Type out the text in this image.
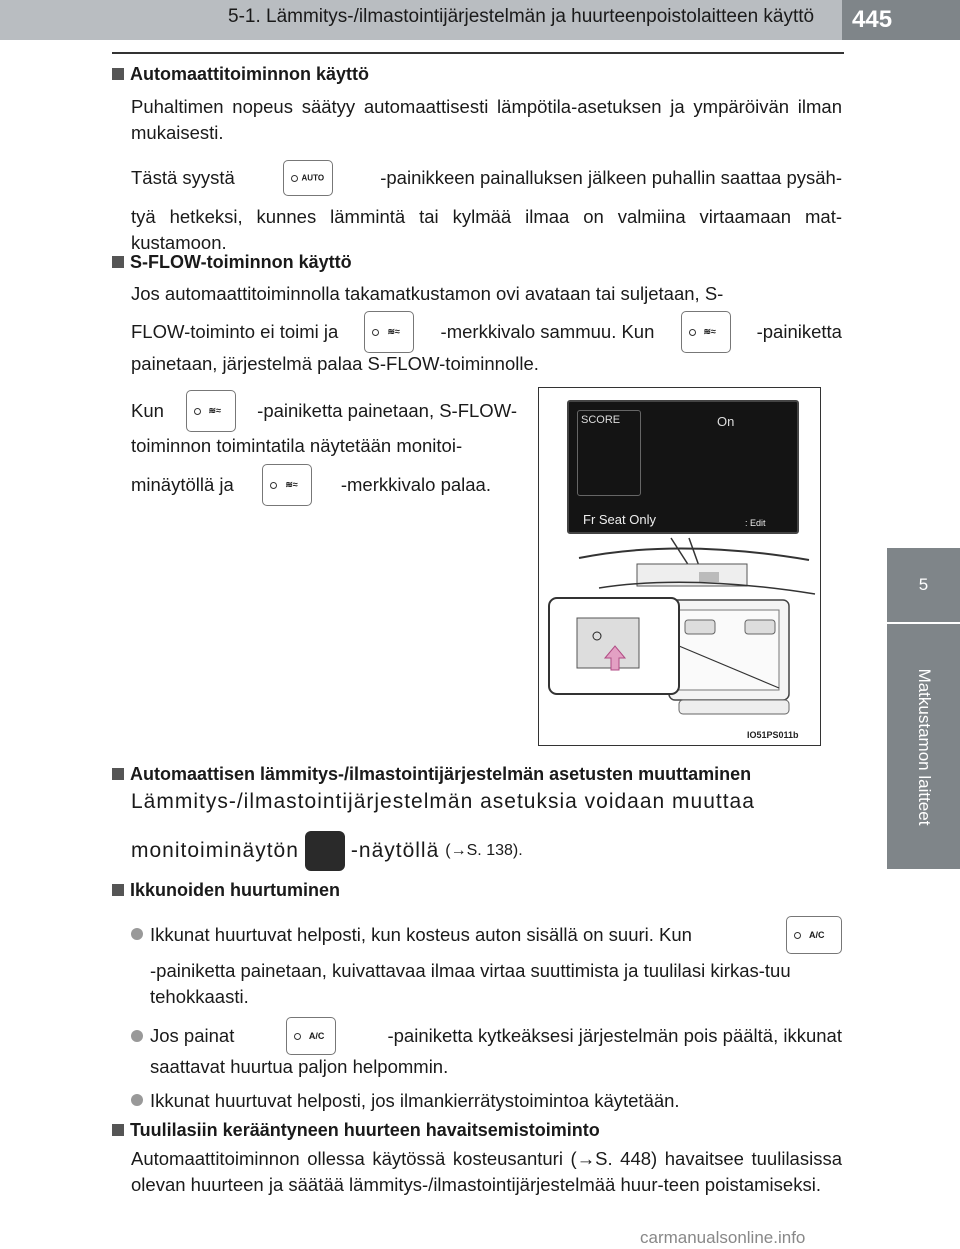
5-1. Lämmitys-/ilmastointijärjestelmän ja huurteenpoistolaitteen käyttö	445
5
Matkustamon laitteet
Automaattitoiminnon käyttö
Puhaltimen nopeus säätyy automaattisesti lämpötila-asetuksen ja ympäröivän ilman mukaisesti.
Tästä syystä	AUTO	-painikkeen painalluksen jälkeen puhallin saattaa pysäh-
tyä hetkeksi, kunnes lämmintä tai kylmää ilmaa on valmiina virtaamaan mat-kustamoon.
S-FLOW-toiminnon käyttö
Jos automaattitoiminnolla takamatkustamon ovi avataan tai suljetaan, S-
FLOW-toiminto ei toimi ja	≋≈ -merkkivalo sammuu. Kun	≋≈ -painiketta
painetaan, järjestelmä palaa S-FLOW-toiminnolle.
Kun	≋≈ -painiketta painetaan, S-FLOW-
toiminnon toimintatila näytetään monitoi-
minäytöllä ja	≋≈ -merkkivalo palaa.
SCORE	On
Fr Seat Only	: Edit
IO51PS011b
Automaattisen lämmitys-/ilmastointijärjestelmän asetusten muuttaminen
Lämmitys-/ilmastointijärjestelmän asetuksia voidaan muuttaa
monitoiminäytön -näytöllä (→S. 138).
Ikkunoiden huurtuminen
Ikkunat huurtuvat helposti, kun kosteus auton sisällä on suuri. Kun	A/C
-painiketta painetaan, kuivattavaa ilmaa virtaa suuttimista ja tuulilasi kirkas-tuu tehokkaasti.
Jos painat	A/C	-painiketta kytkeäksesi järjestelmän pois päältä, ikkunat
saattavat huurtua paljon helpommin.
Ikkunat huurtuvat helposti, jos ilmankierrätystoimintoa käytetään.
Tuulilasiin kerääntyneen huurteen havaitsemistoiminto
Automaattitoiminnon ollessa käytössä kosteusanturi (→S. 448) havaitsee tuulilasissa olevan huurteen ja säätää lämmitys-/ilmastointijärjestelmää huur-teen poistamiseksi.
carmanualsonline.info
